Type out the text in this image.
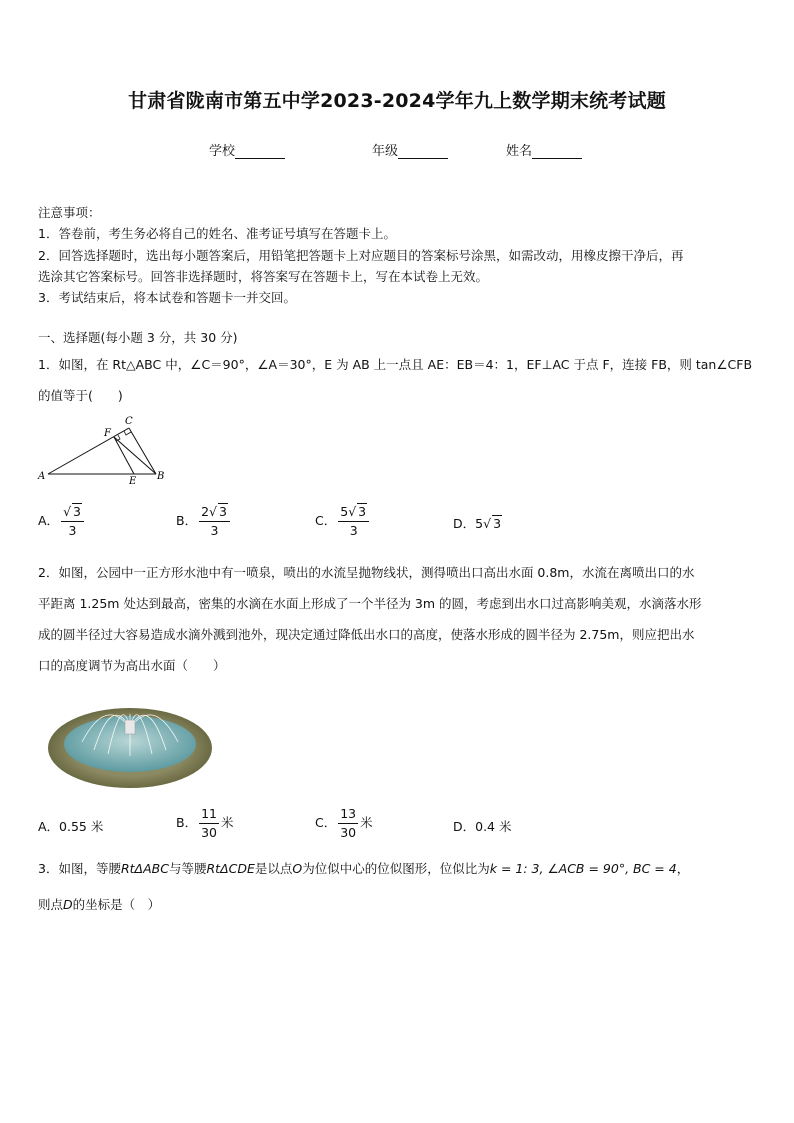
甘肃省陇南市第五中学2023-2024学年九上数学期末统考试题
学校	年级	姓名
注意事项：
1．答卷前，考生务必将自己的姓名、准考证号填写在答题卡上。
2．回答选择题时，选出每小题答案后，用铅笔把答题卡上对应题目的答案标号涂黑，如需改动，用橡皮擦干净后，再
选涂其它答案标号。回答非选择题时，将答案写在答题卡上，写在本试卷上无效。
3．考试结束后，将本试卷和答题卡一并交回。
一、选择题(每小题 3 分，共 30 分)
1．如图，在 Rt△ABC 中，∠C＝90°，∠A＝30°，E 为 AB 上一点且 AE：EB＝4：1，EF⊥AC 于点 F，连接 FB，则 tan∠CFB
的值等于(　　)
A	B
C
E
F
A． $\frac{√ 3}{3}$	B． $\frac{2√ 3}{3}$	C． $\frac{5√ 3}{3}$	D．5√ 3
2．如图，公园中一正方形水池中有一喷泉，喷出的水流呈抛物线状，测得喷出口高出水面 0.8m，水流在离喷出口的水
平距离 1.25m 处达到最高，密集的水滴在水面上形成了一个半径为 3m 的圆，考虑到出水口过高影响美观，水滴落水形
成的圆半径过大容易造成水滴外溅到池外，现决定通过降低出水口的高度，使落水形成的圆半径为 2.75m，则应把出水
口的高度调节为高出水面（　　）
A．0.55 米	B． $\frac{11}{30}$ 米	C． $\frac{13}{30}$ 米	D．0.4 米
3．如图，等腰RtΔABC与等腰RtΔCDE是以点O为位似中心的位似图形，位似比为k = 1: 3, ∠ACB = 90°, BC = 4，
则点D的坐标是（　）
